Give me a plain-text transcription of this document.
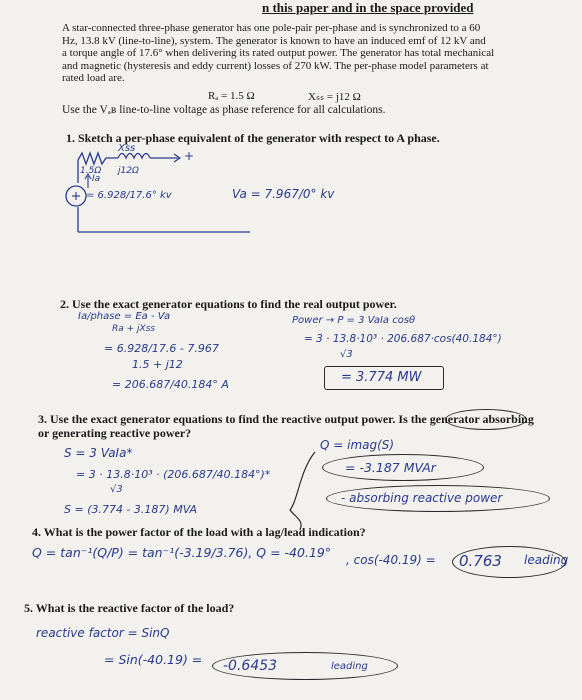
n this paper and in the space provided
A star-connected three-phase generator has one pole-pair per-phase and is synchronized to a 60
Hz, 13.8 kV (line-to-line), system. The generator is known to have an induced emf of 12 kV and
a torque angle of 17.6° when delivering its rated output power. The generator has total mechanical
and magnetic (hysteresis and eddy current) losses of 270 kW. The per-phase model parameters at
rated load are.
Rₐ = 1.5 Ω	Xₛₛ = j12 Ω
Use the Vₐʙ line-to-line voltage as phase reference for all calculations.
1. Sketch a per-phase equivalent of the generator with respect to A phase.
Xss
1.5Ω j12Ω
+
Ia
= 6.928/17.6° kv	Va = 7.967/0° kv
2. Use the exact generator equations to find the real output power.
Ia/phase = Ea - Va
Ra + jXss
= 6.928/17.6 - 7.967
1.5 + j12
= 206.687/40.184° A
Power → P = 3 VaIa cosθ
= 3 · 13.8·10³ · 206.687·cos(40.184°)
√3
= 3.774 MW
3. Use the exact generator equations to find the reactive output power. Is the generator absorbing
or generating reactive power?
S = 3 VaIa*
= 3 · 13.8·10³ · (206.687/40.184°)*
√3
S = (3.774 - 3.187) MVA
Q = imag(S)
= -3.187 MVAr
- absorbing reactive power
4. What is the power factor of the load with a lag/lead indication?
Q = tan⁻¹(Q/P) = tan⁻¹(-3.19/3.76), Q = -40.19° , cos(-40.19) = 0.763 leading
5. What is the reactive factor of the load?
reactive factor = SinQ
= Sin(-40.19) = -0.6453	leading
